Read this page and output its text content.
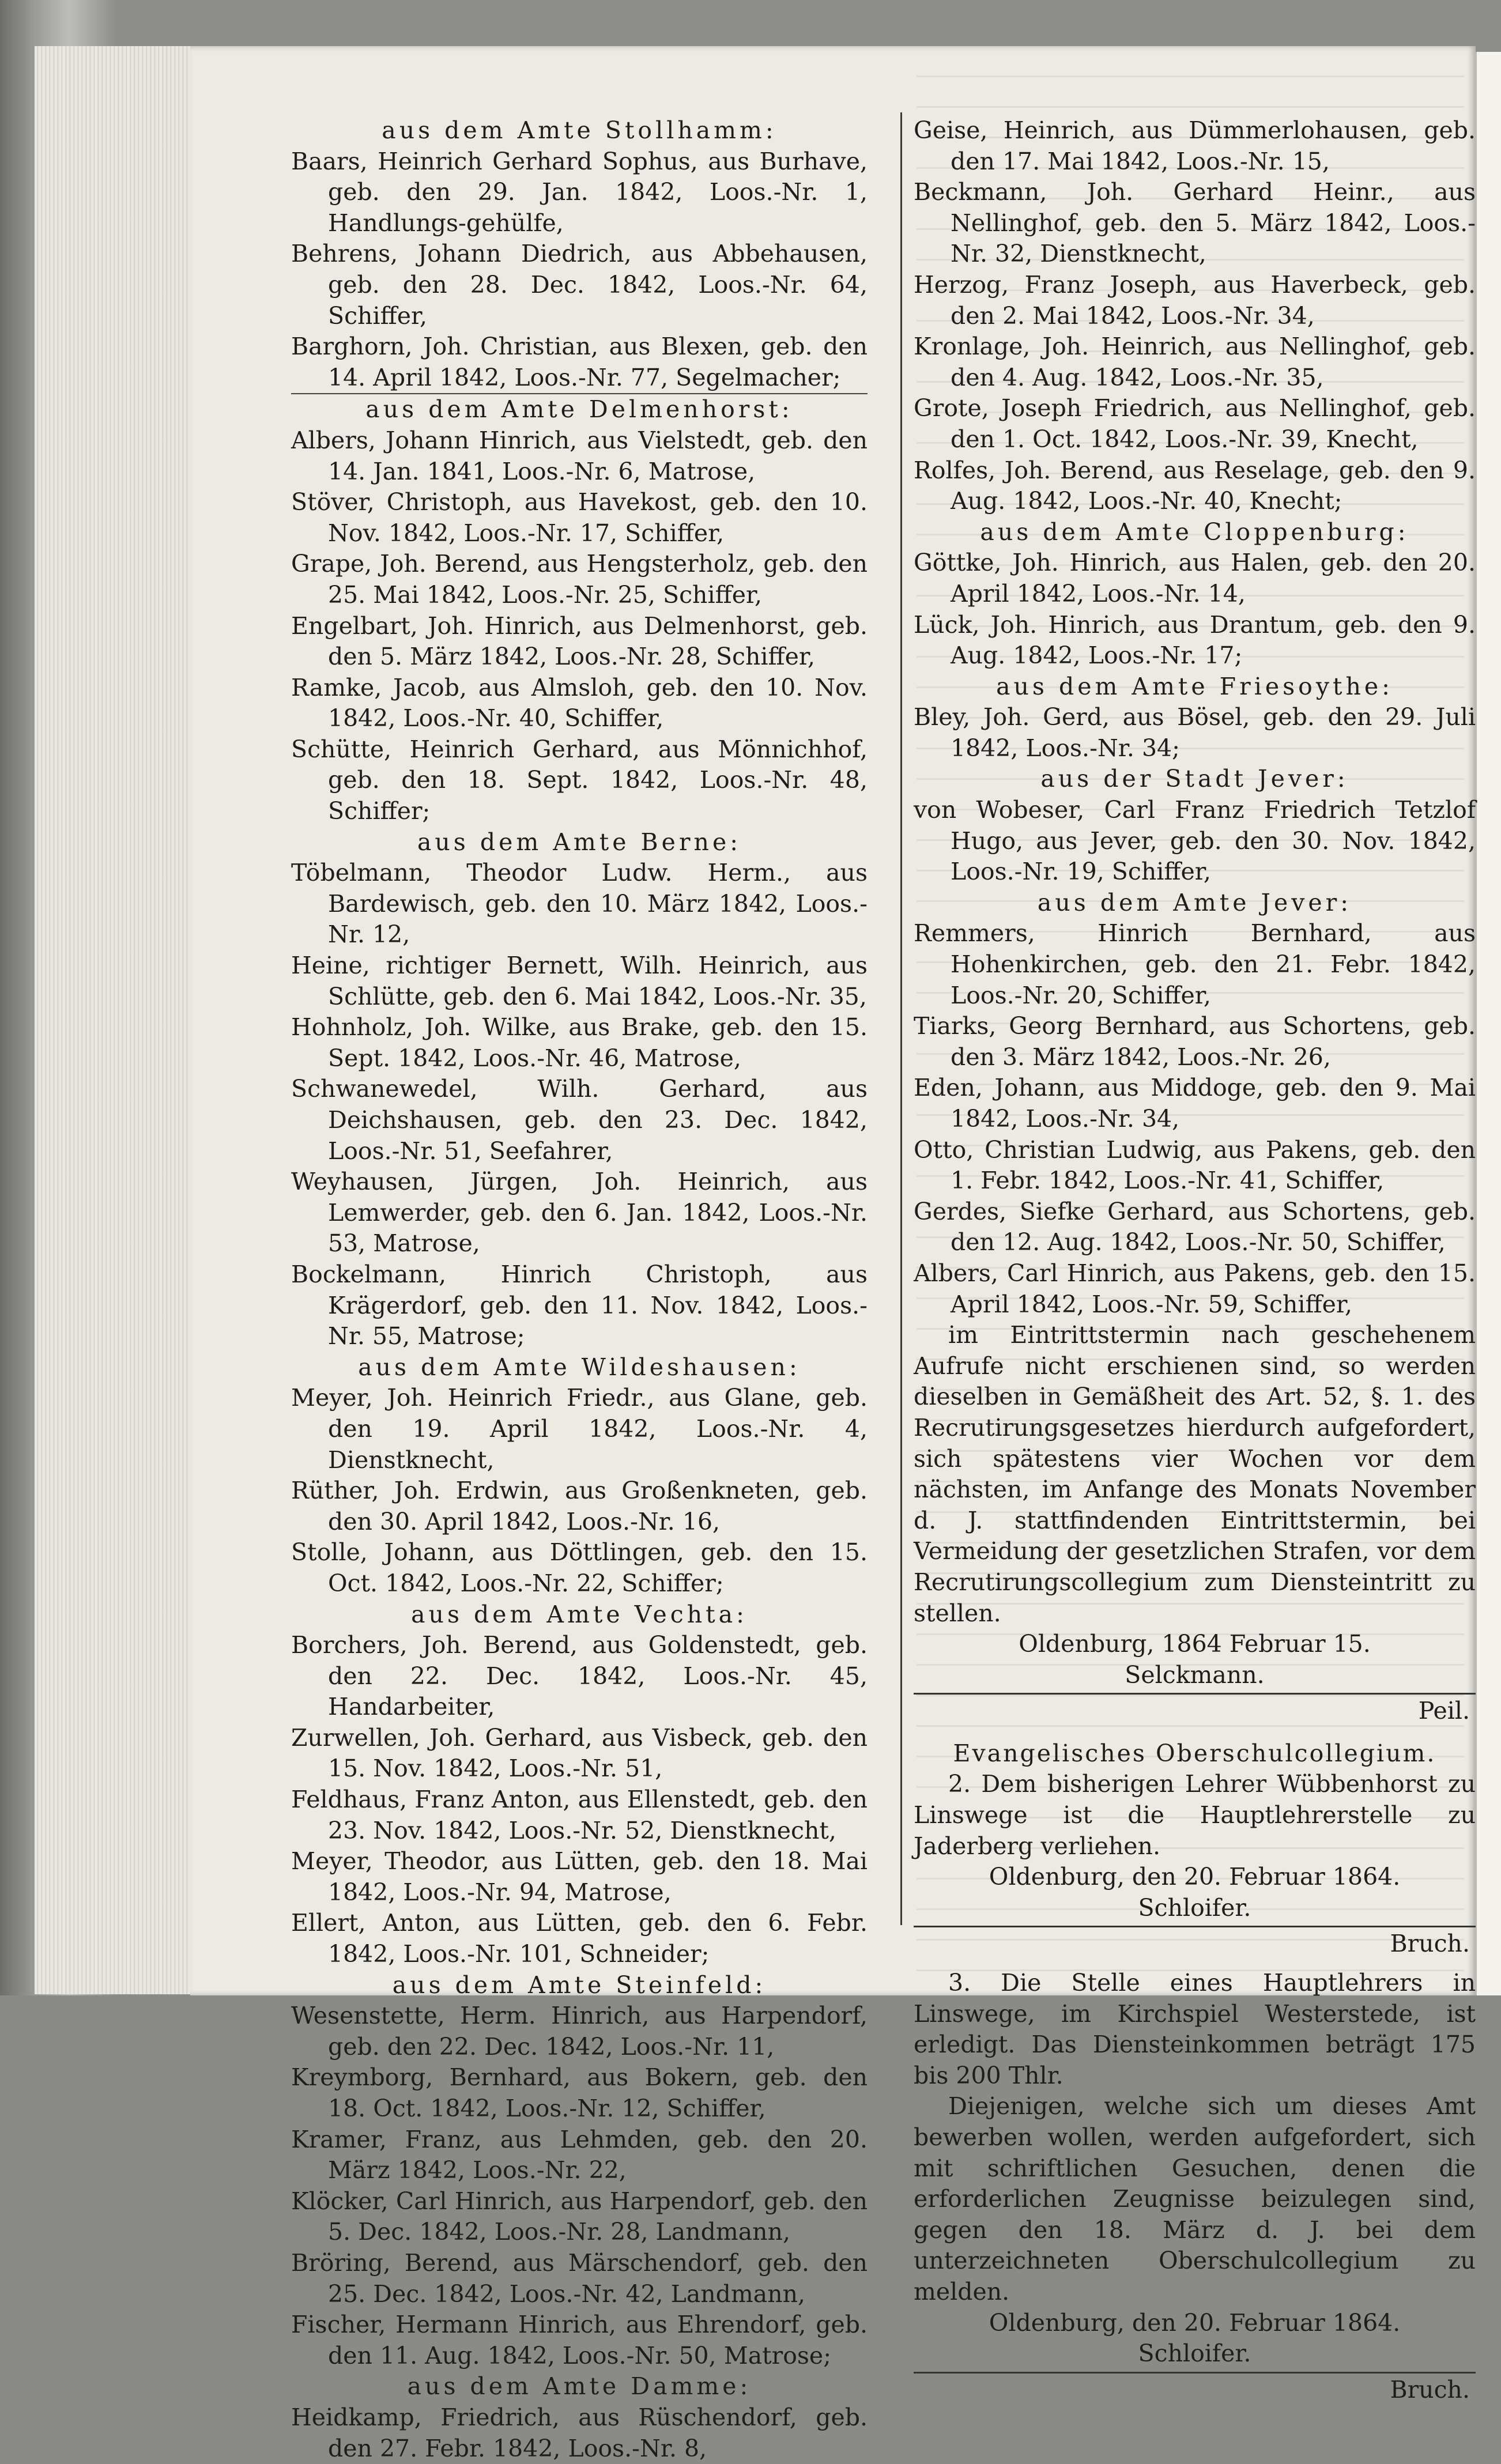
aus dem Amte Stollhamm:
Baars, Heinrich Gerhard Sophus, aus Burhave, geb. den 29. Jan. 1842, Loos.-Nr. 1, Handlungs-gehülfe,
Behrens, Johann Diedrich, aus Abbehausen, geb. den 28. Dec. 1842, Loos.-Nr. 64, Schiffer,
Barghorn, Joh. Christian, aus Blexen, geb. den 14. April 1842, Loos.-Nr. 77, Segelmacher;
aus dem Amte Delmenhorst:
Albers, Johann Hinrich, aus Vielstedt, geb. den 14. Jan. 1841, Loos.-Nr. 6, Matrose,
Stöver, Christoph, aus Havekost, geb. den 10. Nov. 1842, Loos.-Nr. 17, Schiffer,
Grape, Joh. Berend, aus Hengsterholz, geb. den 25. Mai 1842, Loos.-Nr. 25, Schiffer,
Engelbart, Joh. Hinrich, aus Delmenhorst, geb. den 5. März 1842, Loos.-Nr. 28, Schiffer,
Ramke, Jacob, aus Almsloh, geb. den 10. Nov. 1842, Loos.-Nr. 40, Schiffer,
Schütte, Heinrich Gerhard, aus Mönnichhof, geb. den 18. Sept. 1842, Loos.-Nr. 48, Schiffer;
aus dem Amte Berne:
Töbelmann, Theodor Ludw. Herm., aus Bardewisch, geb. den 10. März 1842, Loos.-Nr. 12,
Heine, richtiger Bernett, Wilh. Heinrich, aus Schlütte, geb. den 6. Mai 1842, Loos.-Nr. 35,
Hohnholz, Joh. Wilke, aus Brake, geb. den 15. Sept. 1842, Loos.-Nr. 46, Matrose,
Schwanewedel, Wilh. Gerhard, aus Deichshausen, geb. den 23. Dec. 1842, Loos.-Nr. 51, Seefahrer,
Weyhausen, Jürgen, Joh. Heinrich, aus Lemwerder, geb. den 6. Jan. 1842, Loos.-Nr. 53, Matrose,
Bockelmann, Hinrich Christoph, aus Krägerdorf, geb. den 11. Nov. 1842, Loos.-Nr. 55, Matrose;
aus dem Amte Wildeshausen:
Meyer, Joh. Heinrich Friedr., aus Glane, geb. den 19. April 1842, Loos.-Nr. 4, Dienstknecht,
Rüther, Joh. Erdwin, aus Großenkneten, geb. den 30. April 1842, Loos.-Nr. 16,
Stolle, Johann, aus Döttlingen, geb. den 15. Oct. 1842, Loos.-Nr. 22, Schiffer;
aus dem Amte Vechta:
Borchers, Joh. Berend, aus Goldenstedt, geb. den 22. Dec. 1842, Loos.-Nr. 45, Handarbeiter,
Zurwellen, Joh. Gerhard, aus Visbeck, geb. den 15. Nov. 1842, Loos.-Nr. 51,
Feldhaus, Franz Anton, aus Ellenstedt, geb. den 23. Nov. 1842, Loos.-Nr. 52, Dienstknecht,
Meyer, Theodor, aus Lütten, geb. den 18. Mai 1842, Loos.-Nr. 94, Matrose,
Ellert, Anton, aus Lütten, geb. den 6. Febr. 1842, Loos.-Nr. 101, Schneider;
aus dem Amte Steinfeld:
Wesenstette, Herm. Hinrich, aus Harpendorf, geb. den 22. Dec. 1842, Loos.-Nr. 11,
Kreymborg, Bernhard, aus Bokern, geb. den 18. Oct. 1842, Loos.-Nr. 12, Schiffer,
Kramer, Franz, aus Lehmden, geb. den 20. März 1842, Loos.-Nr. 22,
Klöcker, Carl Hinrich, aus Harpendorf, geb. den 5. Dec. 1842, Loos.-Nr. 28, Landmann,
Bröring, Berend, aus Märschendorf, geb. den 25. Dec. 1842, Loos.-Nr. 42, Landmann,
Fischer, Hermann Hinrich, aus Ehrendorf, geb. den 11. Aug. 1842, Loos.-Nr. 50, Matrose;
aus dem Amte Damme:
Heidkamp, Friedrich, aus Rüschendorf, geb. den 27. Febr. 1842, Loos.-Nr. 8,
Geise, Heinrich, aus Dümmerlohausen, geb. den 17. Mai 1842, Loos.-Nr. 15,
Beckmann, Joh. Gerhard Heinr., aus Nellinghof, geb. den 5. März 1842, Loos.-Nr. 32, Dienstknecht,
Herzog, Franz Joseph, aus Haverbeck, geb. den 2. Mai 1842, Loos.-Nr. 34,
Kronlage, Joh. Heinrich, aus Nellinghof, geb. den 4. Aug. 1842, Loos.-Nr. 35,
Grote, Joseph Friedrich, aus Nellinghof, geb. den 1. Oct. 1842, Loos.-Nr. 39, Knecht,
Rolfes, Joh. Berend, aus Reselage, geb. den 9. Aug. 1842, Loos.-Nr. 40, Knecht;
aus dem Amte Cloppenburg:
Göttke, Joh. Hinrich, aus Halen, geb. den 20. April 1842, Loos.-Nr. 14,
Lück, Joh. Hinrich, aus Drantum, geb. den 9. Aug. 1842, Loos.-Nr. 17;
aus dem Amte Friesoythe:
Bley, Joh. Gerd, aus Bösel, geb. den 29. Juli 1842, Loos.-Nr. 34;
aus der Stadt Jever:
von Wobeser, Carl Franz Friedrich Tetzlof Hugo, aus Jever, geb. den 30. Nov. 1842, Loos.-Nr. 19, Schiffer,
aus dem Amte Jever:
Remmers, Hinrich Bernhard, aus Hohenkirchen, geb. den 21. Febr. 1842, Loos.-Nr. 20, Schiffer,
Tiarks, Georg Bernhard, aus Schortens, geb. den 3. März 1842, Loos.-Nr. 26,
Eden, Johann, aus Middoge, geb. den 9. Mai 1842, Loos.-Nr. 34,
Otto, Christian Ludwig, aus Pakens, geb. den 1. Febr. 1842, Loos.-Nr. 41, Schiffer,
Gerdes, Siefke Gerhard, aus Schortens, geb. den 12. Aug. 1842, Loos.-Nr. 50, Schiffer,
Albers, Carl Hinrich, aus Pakens, geb. den 15. April 1842, Loos.-Nr. 59, Schiffer,
im Eintrittstermin nach geschehenem Aufrufe nicht erschienen sind, so werden dieselben in Gemäßheit des Art. 52, §. 1. des Recrutirungsgesetzes hierdurch aufgefordert, sich spätestens vier Wochen vor dem nächsten, im Anfange des Monats November d. J. stattfindenden Eintrittstermin, bei Vermeidung der gesetzlichen Strafen, vor dem Recrutirungscollegium zum Diensteintritt zu stellen.
Oldenburg, 1864 Februar 15.
Selckmann.
Peil.
Evangelisches Oberschulcollegium.
2. Dem bisherigen Lehrer Wübbenhorst zu Linswege ist die Hauptlehrerstelle zu Jaderberg verliehen.
Oldenburg, den 20. Februar 1864.
Schloifer.
Bruch.
3. Die Stelle eines Hauptlehrers in Linswege, im Kirchspiel Westerstede, ist erledigt. Das Diensteinkommen beträgt 175 bis 200 Thlr.
Diejenigen, welche sich um dieses Amt bewerben wollen, werden aufgefordert, sich mit schriftlichen Gesuchen, denen die erforderlichen Zeugnisse beizulegen sind, gegen den 18. März d. J. bei dem unterzeichneten Oberschulcollegium zu melden.
Oldenburg, den 20. Februar 1864.
Schloifer.
Bruch.
